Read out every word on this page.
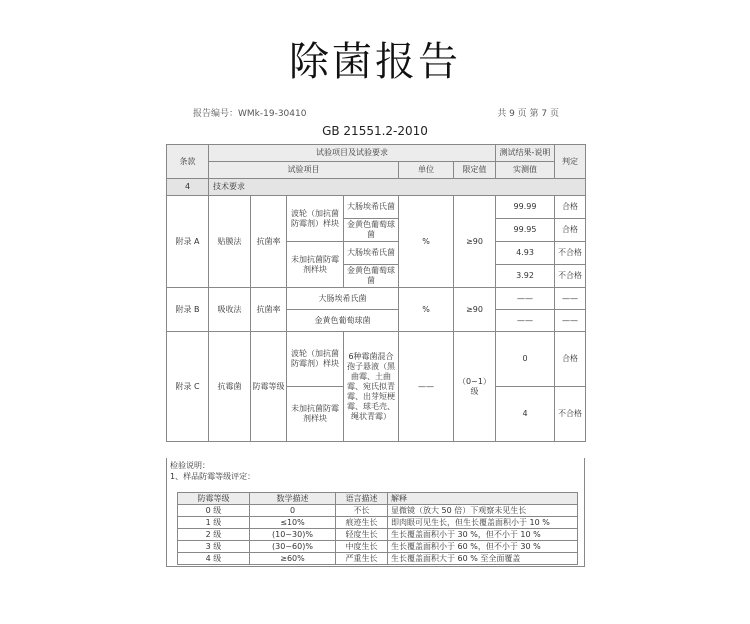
除菌报告
报告编号：WMk-19-30410	共 9 页 第 7 页
GB 21551.2-2010
条款	试验项目及试验要求						测试结果-说明	判定
	试验项目				单位	限定值	实测值	
4	技术要求							
附录 A	贴膜法	抗菌率	波轮（加抗菌防霉剂）样块	大肠埃希氏菌	%	≥90	99.99	合格
				金黄色葡萄球菌			99.95	合格
			未加抗菌防霉剂样块	大肠埃希氏菌			4.93	不合格
				金黄色葡萄球菌			3.92	不合格
附录 B	吸收法	抗菌率	大肠埃希氏菌		%	≥90	——	——
			金黄色葡萄球菌				——	——
附录 C	抗霉菌	防霉等级	波轮（加抗菌防霉剂）样块	6种霉菌混合孢子悬液（黑曲霉、土曲霉、宛氏拟青霉、出芽短梗霉、球毛壳、绳状青霉）	——	（0~1）级	0	合格
			未加抗菌防霉剂样块				4	不合格
检验说明：
1、样品防霉等级评定：
防霉等级	数学描述	语言描述	解释
0 级	0	不长	显微镜（放大 50 倍）下观察未见生长
1 级	≤10%	痕迹生长	即肉眼可见生长，但生长覆盖面积小于 10 %
2 级	(10~30)%	轻度生长	生长覆盖面积小于 30 %，但不小于 10 %
3 级	(30~60)%	中度生长	生长覆盖面积小于 60 %，但不小于 30 %
4 级	≥60%	严重生长	生长覆盖面积大于 60 % 至全面覆盖
